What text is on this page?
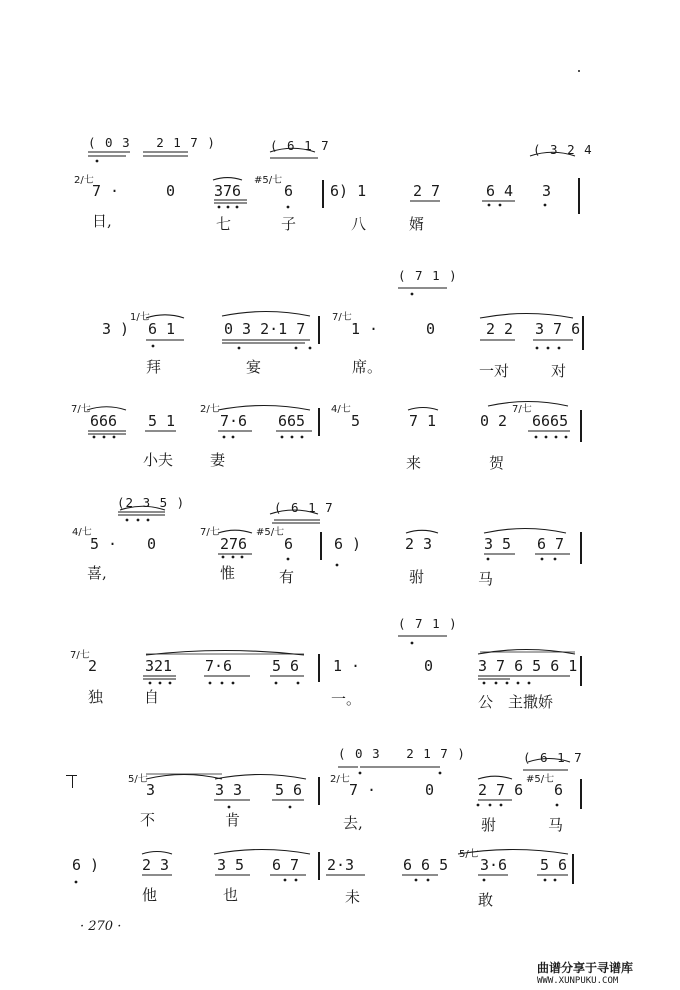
( 0 3   2 1 7 )	( 6 1 7	( 3 2 4
2/七
7 ·	0	376
#5/七
6 6) 1	2 7	6 4 3
日,	七	子	八	婿
( 7 1 )
3 )
1/七
6 1	0 3 2·1 7
7/七
1 ·	0	2 2 3 7 6
拜	宴	席。	一对	对
7/七
666 5 1
2/七
7·6 665
4/七
5	7 1	0 2
7/七
6665
小夫 妻	来	贺
(2 3 5 )	( 6 1 7
4/七
5 · 0
7/七
276
#5/七
6	6 )	2 3	3 5 6 7
喜,	惟	有	驸	马
( 7 1 )
7/七
2	321 7·6	5 6 1 ·	0	3 7 6 5 6 1
独	自	一。	公 主撒娇
( 0 3   2 1 7 )	( 6 1 7
5/七
3	3 3 5 6
2/七
7 ·	0	2 7 6
#5/七
6
不	肯	去,	驸	马
6 )	2 3	3 5 6 7 2·3	6 6 5
5/七
3·6 5 6
他	也	未	敢
· 270 ·
曲谱分享于寻谱库
WWW.XUNPUKU.COM
